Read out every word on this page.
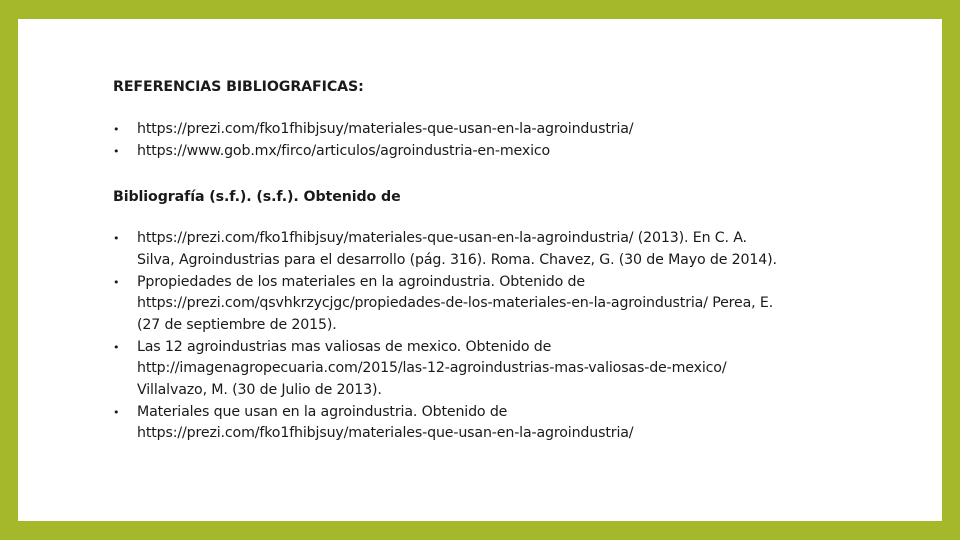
REFERENCIAS BIBLIOGRAFICAS:

•	https://prezi.com/fko1fhibjsuy/materiales-que-usan-en-la-agroindustria/
•	https://www.gob.mx/firco/articulos/agroindustria-en-mexico

Bibliografía (s.f.). (s.f.). Obtenido de

•	https://prezi.com/fko1fhibjsuy/materiales-que-usan-en-la-agroindustria/ (2013). En C. A. Silva, Agroindustrias para el desarrollo (pág. 316). Roma. Chavez, G. (30 de Mayo de 2014).
•	Ppropiedades de los materiales en la agroindustria. Obtenido de https://prezi.com/qsvhkrzycjgc/propiedades-de-los-materiales-en-la-agroindustria/ Perea, E. (27 de septiembre de 2015).
•	Las 12 agroindustrias mas valiosas de mexico. Obtenido de http://imagenagropecuaria.com/2015/las-12-agroindustrias-mas-valiosas-de-mexico/ Villalvazo, M. (30 de Julio de 2013).
•	Materiales que usan en la agroindustria. Obtenido de https://prezi.com/fko1fhibjsuy/materiales-que-usan-en-la-agroindustria/
